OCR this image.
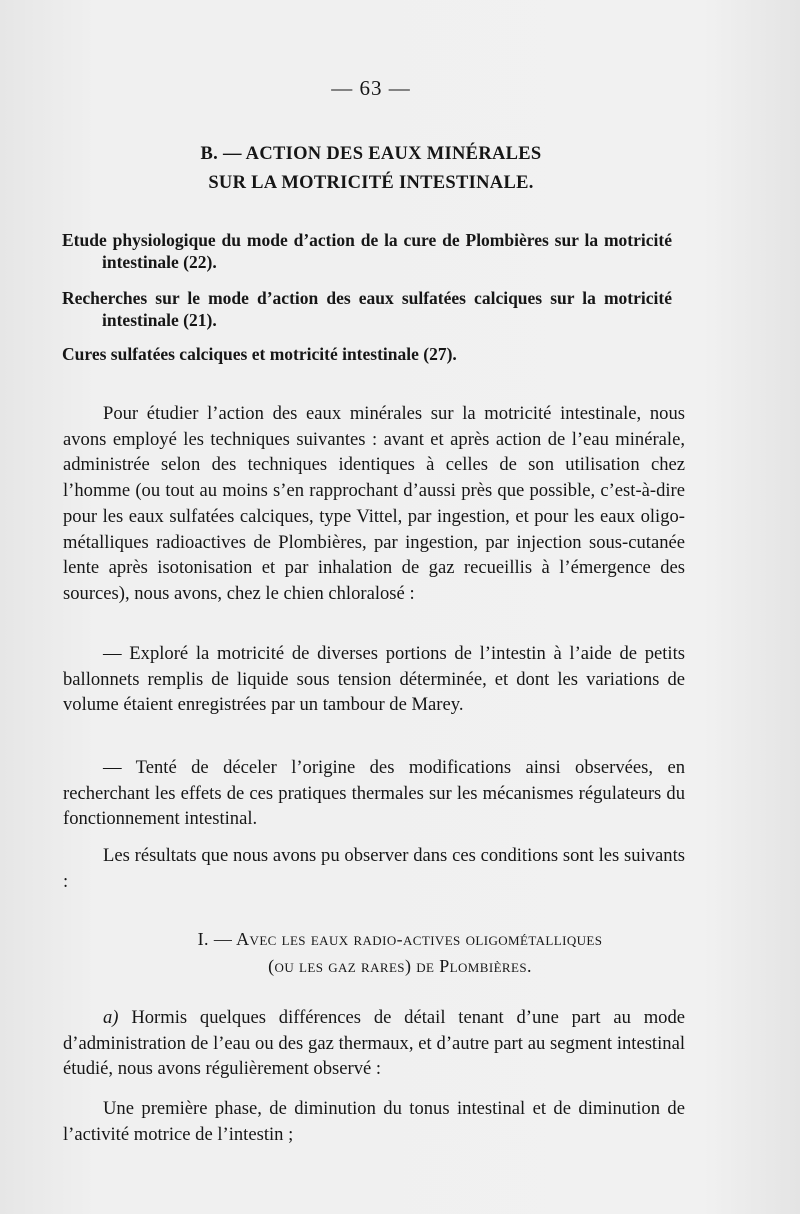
— 63 —
B. — ACTION DES EAUX MINÉRALES
SUR LA MOTRICITÉ INTESTINALE.
Etude physiologique du mode d’action de la cure de Plombières sur la motricité intestinale (22).
Recherches sur le mode d’action des eaux sulfatées calciques sur la motricité intestinale (21).
Cures sulfatées calciques et motricité intestinale (27).
Pour étudier l’action des eaux minérales sur la motricité intestinale, nous avons employé les techniques suivantes : avant et après action de l’eau minérale, administrée selon des techniques identiques à celles de son utilisation chez l’homme (ou tout au moins s’en rapprochant d’aussi près que possible, c’est-à-dire pour les eaux sulfatées calciques, type Vittel, par ingestion, et pour les eaux oligo-métalliques radioactives de Plombières, par ingestion, par injection sous-cutanée lente après isotonisation et par inhalation de gaz recueillis à l’émergence des sources), nous avons, chez le chien chloralosé :
— Exploré la motricité de diverses portions de l’intestin à l’aide de petits ballonnets remplis de liquide sous tension déterminée, et dont les variations de volume étaient enregistrées par un tambour de Marey.
— Tenté de déceler l’origine des modifications ainsi observées, en recherchant les effets de ces pratiques thermales sur les mécanismes régulateurs du fonctionnement intestinal.
Les résultats que nous avons pu observer dans ces conditions sont les suivants :
I. — Avec les eaux radio-actives oligométalliques
(ou les gaz rares) de Plombières.
a) Hormis quelques différences de détail tenant d’une part au mode d’administration de l’eau ou des gaz thermaux, et d’autre part au segment intestinal étudié, nous avons régulièrement observé :
Une première phase, de diminution du tonus intestinal et de diminution de l’activité motrice de l’intestin ;
